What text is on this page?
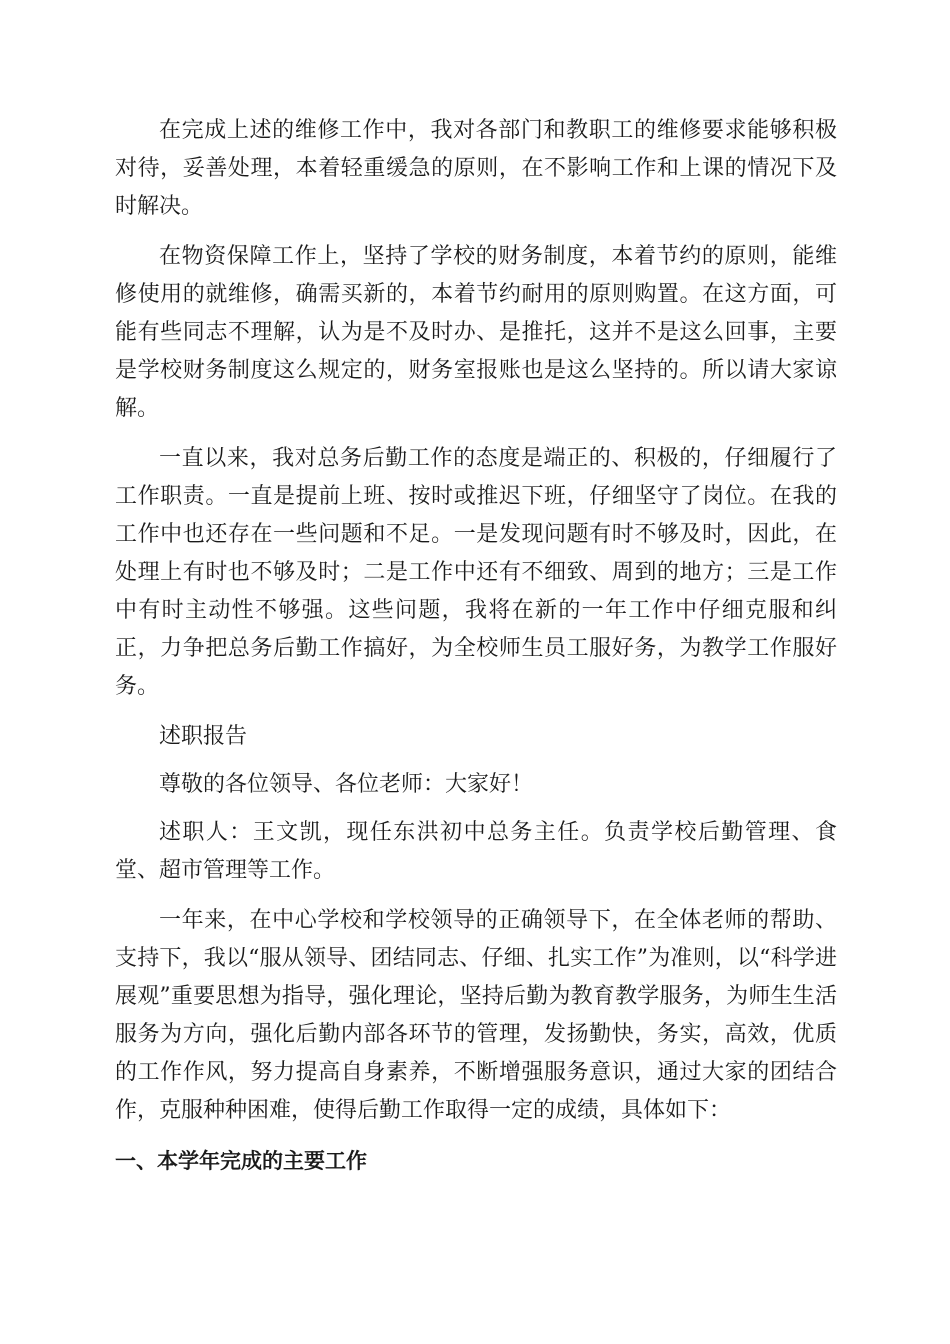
在完成上述的维修工作中，我对各部门和教职工的维修要求能够积极对待，妥善处理，本着轻重缓急的原则，在不影响工作和上课的情况下及时解决。

在物资保障工作上，坚持了学校的财务制度，本着节约的原则，能维修使用的就维修，确需买新的，本着节约耐用的原则购置。在这方面，可能有些同志不理解，认为是不及时办、是推托，这并不是这么回事，主要是学校财务制度这么规定的，财务室报账也是这么坚持的。所以请大家谅解。

一直以来，我对总务后勤工作的态度是端正的、积极的，仔细履行了工作职责。一直是提前上班、按时或推迟下班，仔细坚守了岗位。在我的工作中也还存在一些问题和不足。一是发现问题有时不够及时，因此，在处理上有时也不够及时；二是工作中还有不细致、周到的地方；三是工作中有时主动性不够强。这些问题，我将在新的一年工作中仔细克服和纠正，力争把总务后勤工作搞好，为全校师生员工服好务，为教学工作服好务。

述职报告

尊敬的各位领导、各位老师：大家好！

述职人：王文凯，现任东洪初中总务主任。负责学校后勤管理、食堂、超市管理等工作。

一年来，在中心学校和学校领导的正确领导下，在全体老师的帮助、支持下，我以“服从领导、团结同志、仔细、扎实工作”为准则，以“科学进展观”重要思想为指导，强化理论，坚持后勤为教育教学服务，为师生生活服务为方向，强化后勤内部各环节的管理，发扬勤快，务实，高效，优质的工作作风，努力提高自身素养，不断增强服务意识，通过大家的团结合作，克服种种困难，使得后勤工作取得一定的成绩，具体如下：

一、本学年完成的主要工作
